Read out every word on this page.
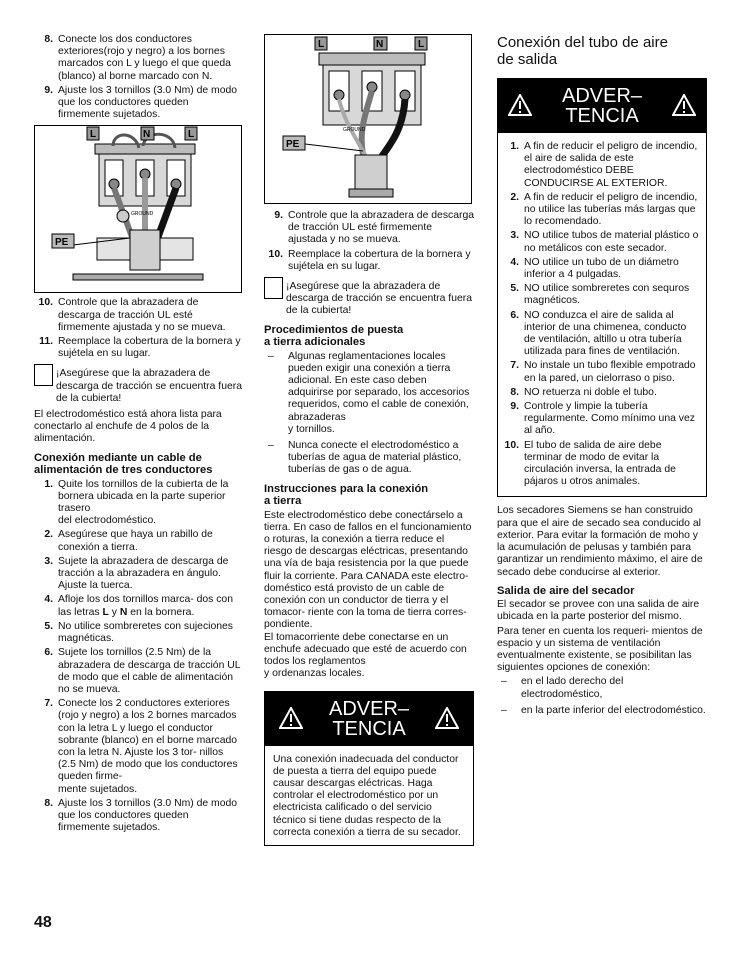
8. Conecte los dos conductores exteriores(rojo y negro) a los bornes marcados con L y luego el que queda (blanco) al borne marcado con N.
9. Ajuste los 3 tornillos (3.0 Nm) de modo que los conductores queden firmemente sujetados.
L	N	L
PE
GROUND
10. Controle que la abrazadera de descarga de tracción UL esté firmemente ajustada y no se mueva.
11. Reemplace la cobertura de la bornera y sujétela en su lugar.
¡Asegúrese que la abrazadera de descarga de tracción se encuentra fuera de la cubierta!

El electrodoméstico está ahora lista para conectarlo al enchufe de 4 polos de la alimentación.

Conexión mediante un cable de alimentación de tres conductores
1. Quite los tornillos de la cubierta de la bornera ubicada en la parte superior trasero
del electrodoméstico.
2. Asegúrese que haya un rabillo de conexión a tierra.
3. Sujete la abrazadera de descarga de tracción a la abrazadera en ángulo.
Ajuste la tuerca.
4. Afloje los dos tornillos marca- dos con las letras L y N en la bornera.
5. No utilice sombreretes con sujeciones magnéticas.
6. Sujete los tornillos (2.5 Nm) de la abrazadera de descarga de tracción UL de modo que el cable de alimentación no se mueva.
7. Conecte los 2 conductores exteriores (rojo y negro) a los 2 bornes marcados con la letra L y luego el conductor sobrante (blanco) en el borne marcado con la letra N. Ajuste los 3 tor- nillos (2.5 Nm) de modo que los conductores queden firme-
mente sujetados.
8. Ajuste los 3 tornillos (3.0 Nm) de modo que los conductores queden firmemente sujetados.
L	N	L
PE
GROUND
9. Controle que la abrazadera de descarga de tracción UL esté firmemente ajustada y no se mueva.
10. Reemplace la cobertura de la bornera y sujétela en su lugar.
¡Asegúrese que la abrazadera de descarga de tracción se encuentra fuera de la cubierta!
Procedimientos de puesta
a tierra adicionales
– Algunas reglamentaciones locales pueden exigir una conexión a tierra adicional. En este caso deben adquirirse por separado, los accesorios requeridos, como el cable de conexión, abrazaderas
y tornillos.
– Nunca conecte el electrodoméstico a tuberías de agua de material plástico, tuberías de gas o de agua.
Instrucciones para la conexión
a tierra

Este electrodoméstico debe conectárselo a tierra. En caso de fallos en el funcionamiento o roturas, la conexión a tierra reduce el riesgo de descargas eléctricas, presentando una vía de baja resistencia por la que puede fluir la corriente. Para CANADA este electro- doméstico está provisto de un cable de conexión con un conductor de tierra y el tomacor- riente con la toma de tierra corres- pondiente.
El tomacorriente debe conectarse en un enchufe adecuado que esté de acuerdo con todos los reglamentos
y ordenanzas locales.

ADVER–
TENCIA
Una conexión inadecuada del conductor de puesta a tierra del equipo puede causar descargas eléctricas. Haga controlar el electrodoméstico por un electricista calificado o del servicio técnico si tiene dudas respecto de la correcta conexión a tierra de su secador.
Conexión del tubo de aire
de salida
ADVER–
TENCIA
1. A fin de reducir el peligro de incendio, el aire de salida de este electrodoméstico DEBE CONDUCIRSE AL EXTERIOR.
2. A fin de reducir el peligro de incendio, no utilice las tuberías más largas que lo recomendado.
3. NO utilice tubos de material plástico o no metálicos con este secador.
4. NO utilice un tubo de un diámetro inferior a 4 pulgadas.
5. NO utilice sombreretes con sequros magnéticos.
6. NO conduzca el aire de salida al interior de una chimenea, conducto de ventilación, altillo u otra tubería utilizada para fines de ventilación.
7. No instale un tubo flexible empotrado en la pared, un cielorraso o piso.
8. NO retuerza ni doble el tubo.
9. Controle y limpie la tubería regularmente. Como mínimo una vez al año.
10. El tubo de salida de aire debe terminar de modo de evitar la circulación inversa, la entrada de pájaros u otros animales.

Los secadores Siemens se han construido para que el aire de secado sea conducido al exterior. Para evitar la formación de moho y la acumulación de pelusas y también para garantizar un rendimiento máximo, el aire de secado debe conducirse al exterior.

Salida de aire del secador

El secador se provee con una salida de aire ubicada en la parte posterior del mismo.

Para tener en cuenta los requeri- mientos de espacio y un sistema de ventilación eventualmente existente, se posibilitan las siguientes opciones de conexión:

– en el lado derecho del electrodoméstico,
– en la parte inferior del electrodoméstico.
48
